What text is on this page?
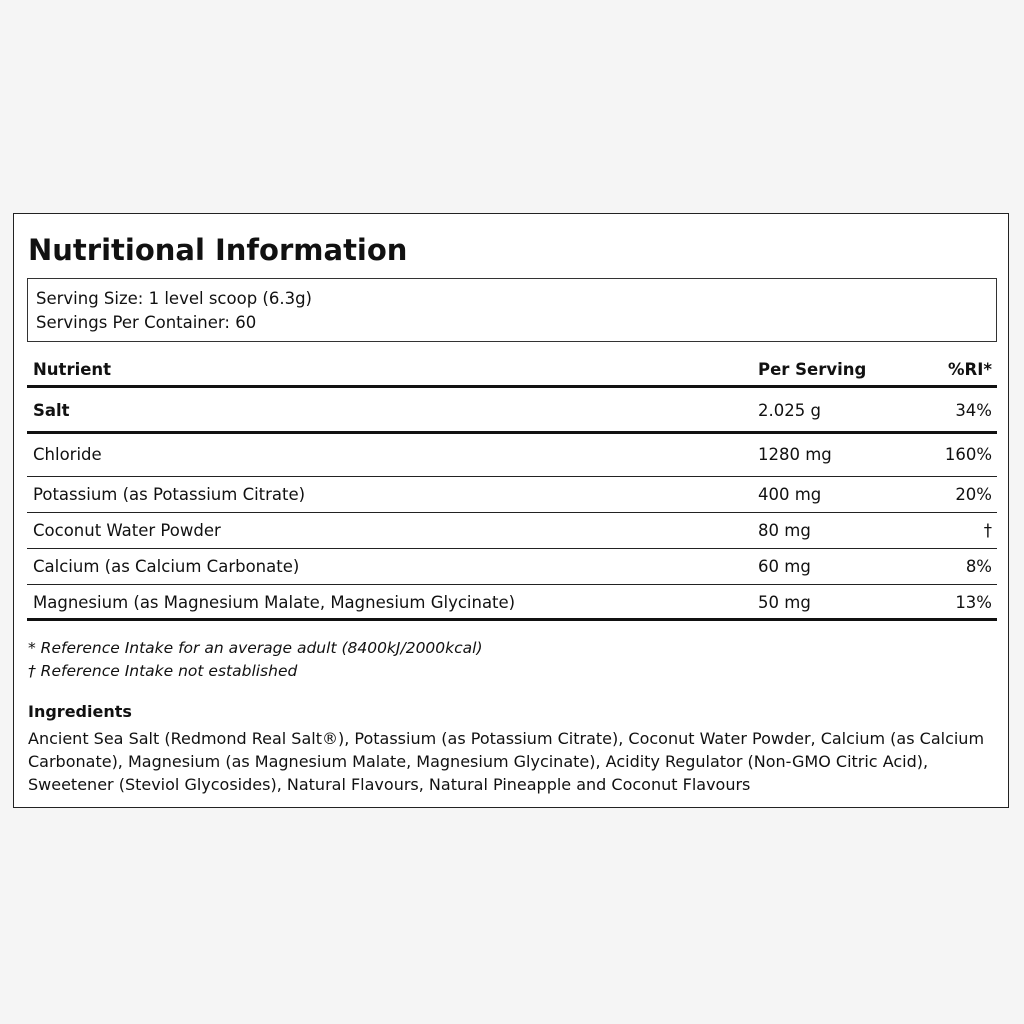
Nutritional Information
Serving Size: 1 level scoop (6.3g)
Servings Per Container: 60
Nutrient	Per Serving	%RI*
Salt	2.025 g	34%
Chloride	1280 mg	160%
Potassium (as Potassium Citrate)	400 mg	20%
Coconut Water Powder	80 mg	†
Calcium (as Calcium Carbonate)	60 mg	8%
Magnesium (as Magnesium Malate, Magnesium Glycinate)	50 mg	13%
* Reference Intake for an average adult (8400kJ/2000kcal)
† Reference Intake not established
Ingredients
Ancient Sea Salt (Redmond Real Salt®), Potassium (as Potassium Citrate), Coconut Water Powder, Calcium (as Calcium Carbonate), Magnesium (as Magnesium Malate, Magnesium Glycinate), Acidity Regulator (Non-GMO Citric Acid), Sweetener (Steviol Glycosides), Natural Flavours, Natural Pineapple and Coconut Flavours
